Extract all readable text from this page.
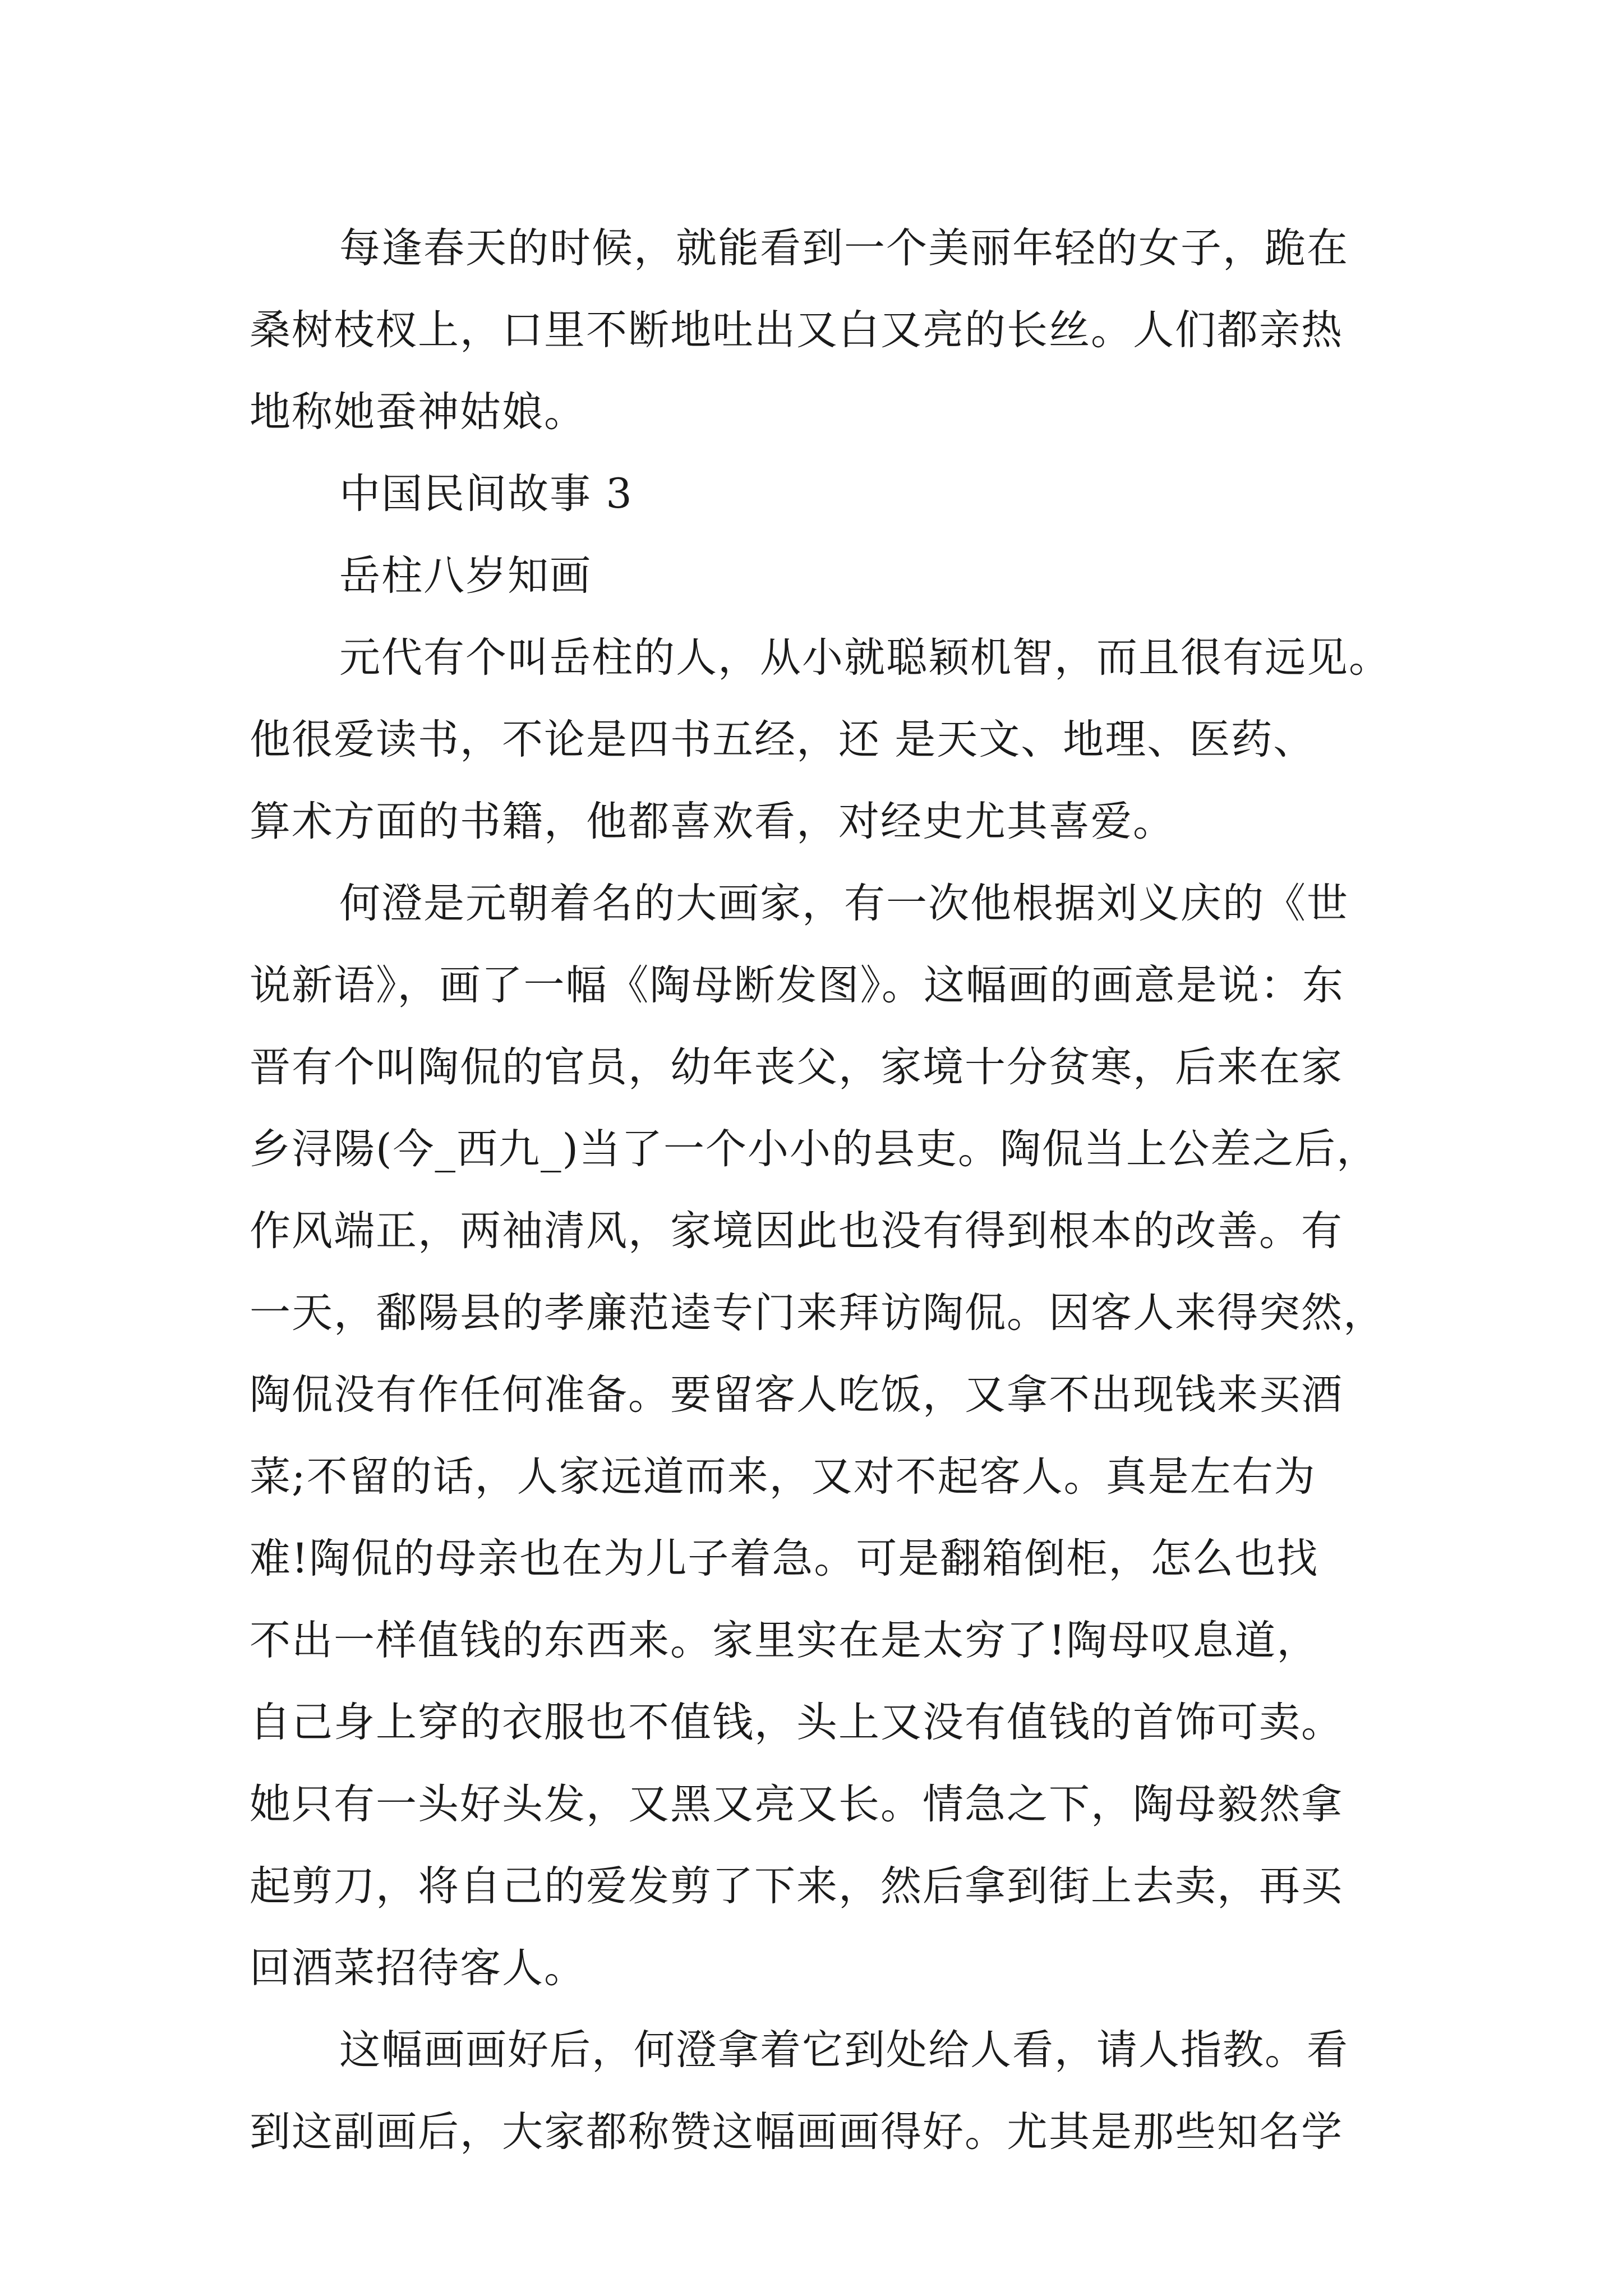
每逢春天的时候，就能看到一个美丽年轻的女子，跪在
桑树枝杈上，口里不断地吐出又白又亮的长丝。人们都亲热
地称她蚕神姑娘。
中国民间故事 3
岳柱八岁知画
元代有个叫岳柱的人，从小就聪颖机智，而且很有远见。
他很爱读书，不论是四书五经，还 是天文、地理、医药、
算术方面的书籍，他都喜欢看，对经史尤其喜爱。
何澄是元朝着名的大画家，有一次他根据刘义庆的《世
说新语》，画了一幅《陶母断发图》。这幅画的画意是说：东
晋有个叫陶侃的官员，幼年丧父，家境十分贫寒，后来在家
乡浔陽(今_西九_)当了一个小小的县吏。陶侃当上公差之后，
作风端正，两袖清风，家境因此也没有得到根本的改善。有
一天，鄱陽县的孝廉范逵专门来拜访陶侃。因客人来得突然，
陶侃没有作任何准备。要留客人吃饭，又拿不出现钱来买酒
菜;不留的话，人家远道而来，又对不起客人。真是左右为
难!陶侃的母亲也在为儿子着急。可是翻箱倒柜，怎么也找
不出一样值钱的东西来。家里实在是太穷了!陶母叹息道，
自己身上穿的衣服也不值钱，头上又没有值钱的首饰可卖。
她只有一头好头发，又黑又亮又长。情急之下，陶母毅然拿
起剪刀，将自己的爱发剪了下来，然后拿到街上去卖，再买
回酒菜招待客人。
这幅画画好后，何澄拿着它到处给人看，请人指教。看
到这副画后，大家都称赞这幅画画得好。尤其是那些知名学
